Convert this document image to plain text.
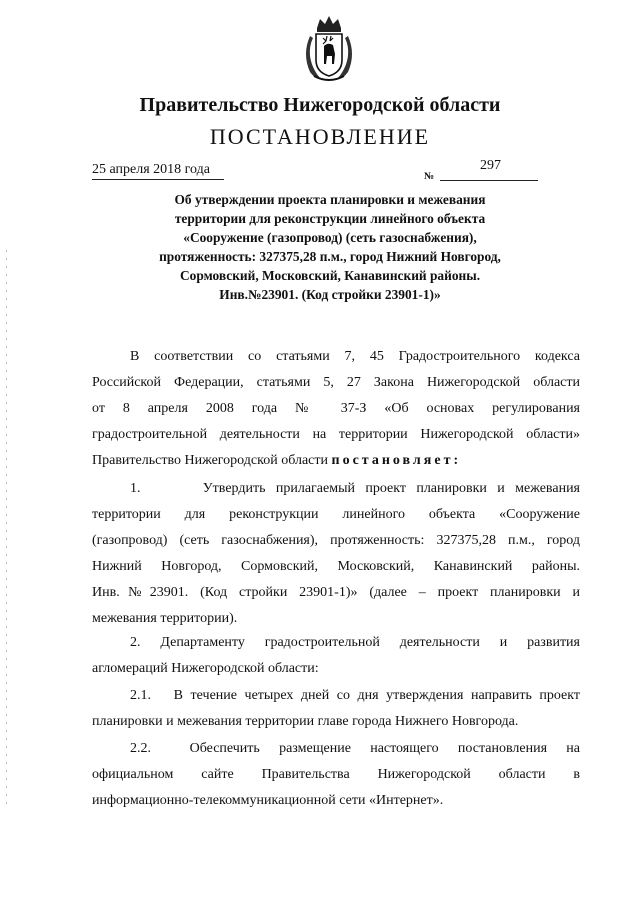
Правительство Нижегородской области
ПОСТАНОВЛЕНИЕ
25 апреля 2018 года	№
297
Об утверждении проекта планировки и межевания
территории для реконструкции линейного объекта
«Сооружение (газопровод) (сеть газоснабжения),
протяженность: 327375,28 п.м., город Нижний Новгород,
Сормовский, Московский, Канавинский районы.
Инв.№23901. (Код стройки 23901-1)»
В соответствии со статьями 7, 45 Градостроительного кодекса
Российской Федерации, статьями 5, 27 Закона Нижегородской области
от 8 апреля 2008 года № 37-З «Об основах регулирования
градостроительной деятельности на территории Нижегородской области»
Правительство Нижегородской области постановляет:
1.      Утвердить прилагаемый проект планировки и межевания
территории для реконструкции линейного объекта «Сооружение
(газопровод) (сеть газоснабжения), протяженность: 327375,28 п.м., город
Нижний Новгород, Сормовский, Московский, Канавинский районы.
Инв.№23901. (Код стройки 23901-1)» (далее – проект планировки и
межевания территории).
2. Департаменту градостроительной деятельности и развития
агломераций Нижегородской области:
2.1.   В течение четырех дней со дня утверждения направить проект
планировки и межевания территории главе города Нижнего Новгорода.
2.2.  Обеспечить размещение настоящего постановления на
официальном сайте Правительства Нижегородской области в
информационно-телекоммуникационной сети «Интернет».
